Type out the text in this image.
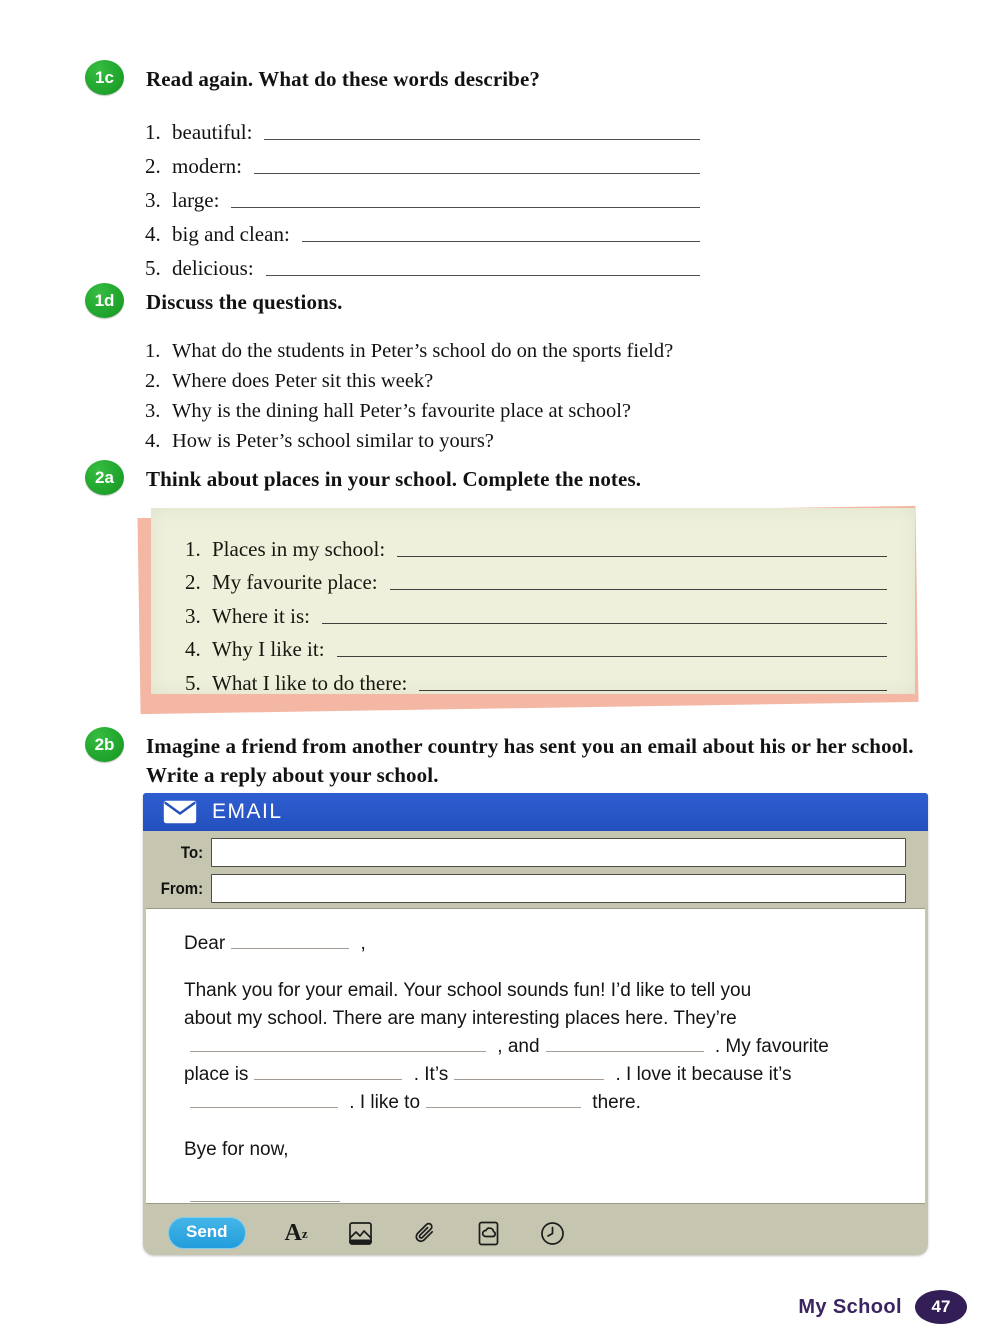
1c	Read again. What do these words describe?
1. beautiful:
2. modern:
3. large:
4. big and clean:
5. delicious:
1d	Discuss the questions.
1. What do the students in Peter’s school do on the sports field?
2. Where does Peter sit this week?
3. Why is the dining hall Peter’s favourite place at school?
4. How is Peter’s school similar to yours?
2a	Think about places in your school. Complete the notes.
1. Places in my school:
2. My favourite place:
3. Where it is:
4. Why I like it:
5. What I like to do there:
2b	Imagine a friend from another country has sent you an email about his or her school. Write a reply about your school.
EMAIL
To:
From:
Dear	,
Thank you for your email. Your school sounds fun! I’d like to tell you
about my school. There are many interesting places here. They’re
, and	. My favourite
place is	. It’s	. I love it because it’s
. I like to	there.
Bye for now,
Send	A z
My School	47
